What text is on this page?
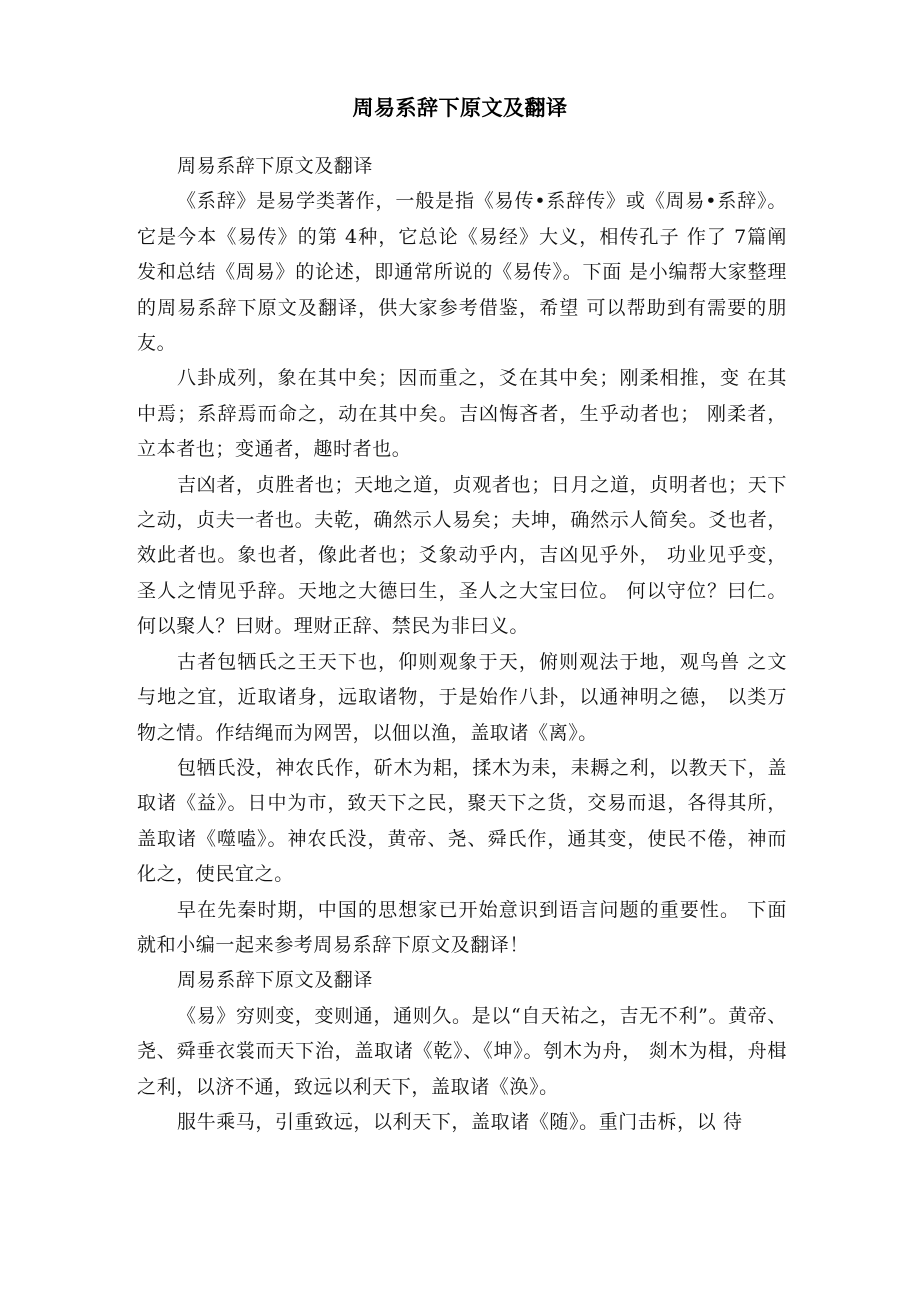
周易系辞下原文及翻译

周易系辞下原文及翻译

《系辞》是易学类著作，一般是指《易传•系辞传》或《周易•系辞》。它是今本《易传》的第 4种，它总论《易经》大义，相传孔子 作了 7篇阐发和总结《周易》的论述，即通常所说的《易传》。下面 是小编帮大家整理的周易系辞下原文及翻译，供大家参考借鉴，希望 可以帮助到有需要的朋友。

八卦成列，象在其中矣；因而重之，爻在其中矣；刚柔相推，变 在其中焉；系辞焉而命之，动在其中矣。吉凶悔吝者，生乎动者也； 刚柔者，立本者也；变通者，趣时者也。

吉凶者，贞胜者也；天地之道，贞观者也；日月之道，贞明者也；天下之动，贞夫一者也。夫乾，确然示人易矣；夫坤，确然示人简矣。爻也者，效此者也。象也者，像此者也；爻象动乎内，吉凶见乎外， 功业见乎变，圣人之情见乎辞。天地之大德曰生，圣人之大宝曰位。 何以守位？曰仁。何以聚人？曰财。理财正辞、禁民为非曰义。

古者包牺氏之王天下也，仰则观象于天，俯则观法于地，观鸟兽 之文与地之宜，近取诸身，远取诸物，于是始作八卦，以通神明之德， 以类万物之情。作结绳而为网罟，以佃以渔，盖取诸《离》。

包牺氏没，神农氏作，斫木为耜，揉木为耒，耒耨之利，以教天下，盖取诸《益》。日中为市，致天下之民，聚天下之货，交易而退，各得其所，盖取诸《噬嗑》。神农氏没，黄帝、尧、舜氏作，通其变，使民不倦，神而化之，使民宜之。

早在先秦时期，中国的思想家已开始意识到语言问题的重要性。 下面就和小编一起来参考周易系辞下原文及翻译！

周易系辞下原文及翻译

《易》穷则变，变则通，通则久。是以“自天祐之，吉无不利”。黄帝、尧、舜垂衣裳而天下治，盖取诸《乾》、《坤》。刳木为舟， 剡木为楫，舟楫之利，以济不通，致远以利天下，盖取诸《涣》。

服牛乘马，引重致远，以利天下，盖取诸《随》。重门击柝，以 待
